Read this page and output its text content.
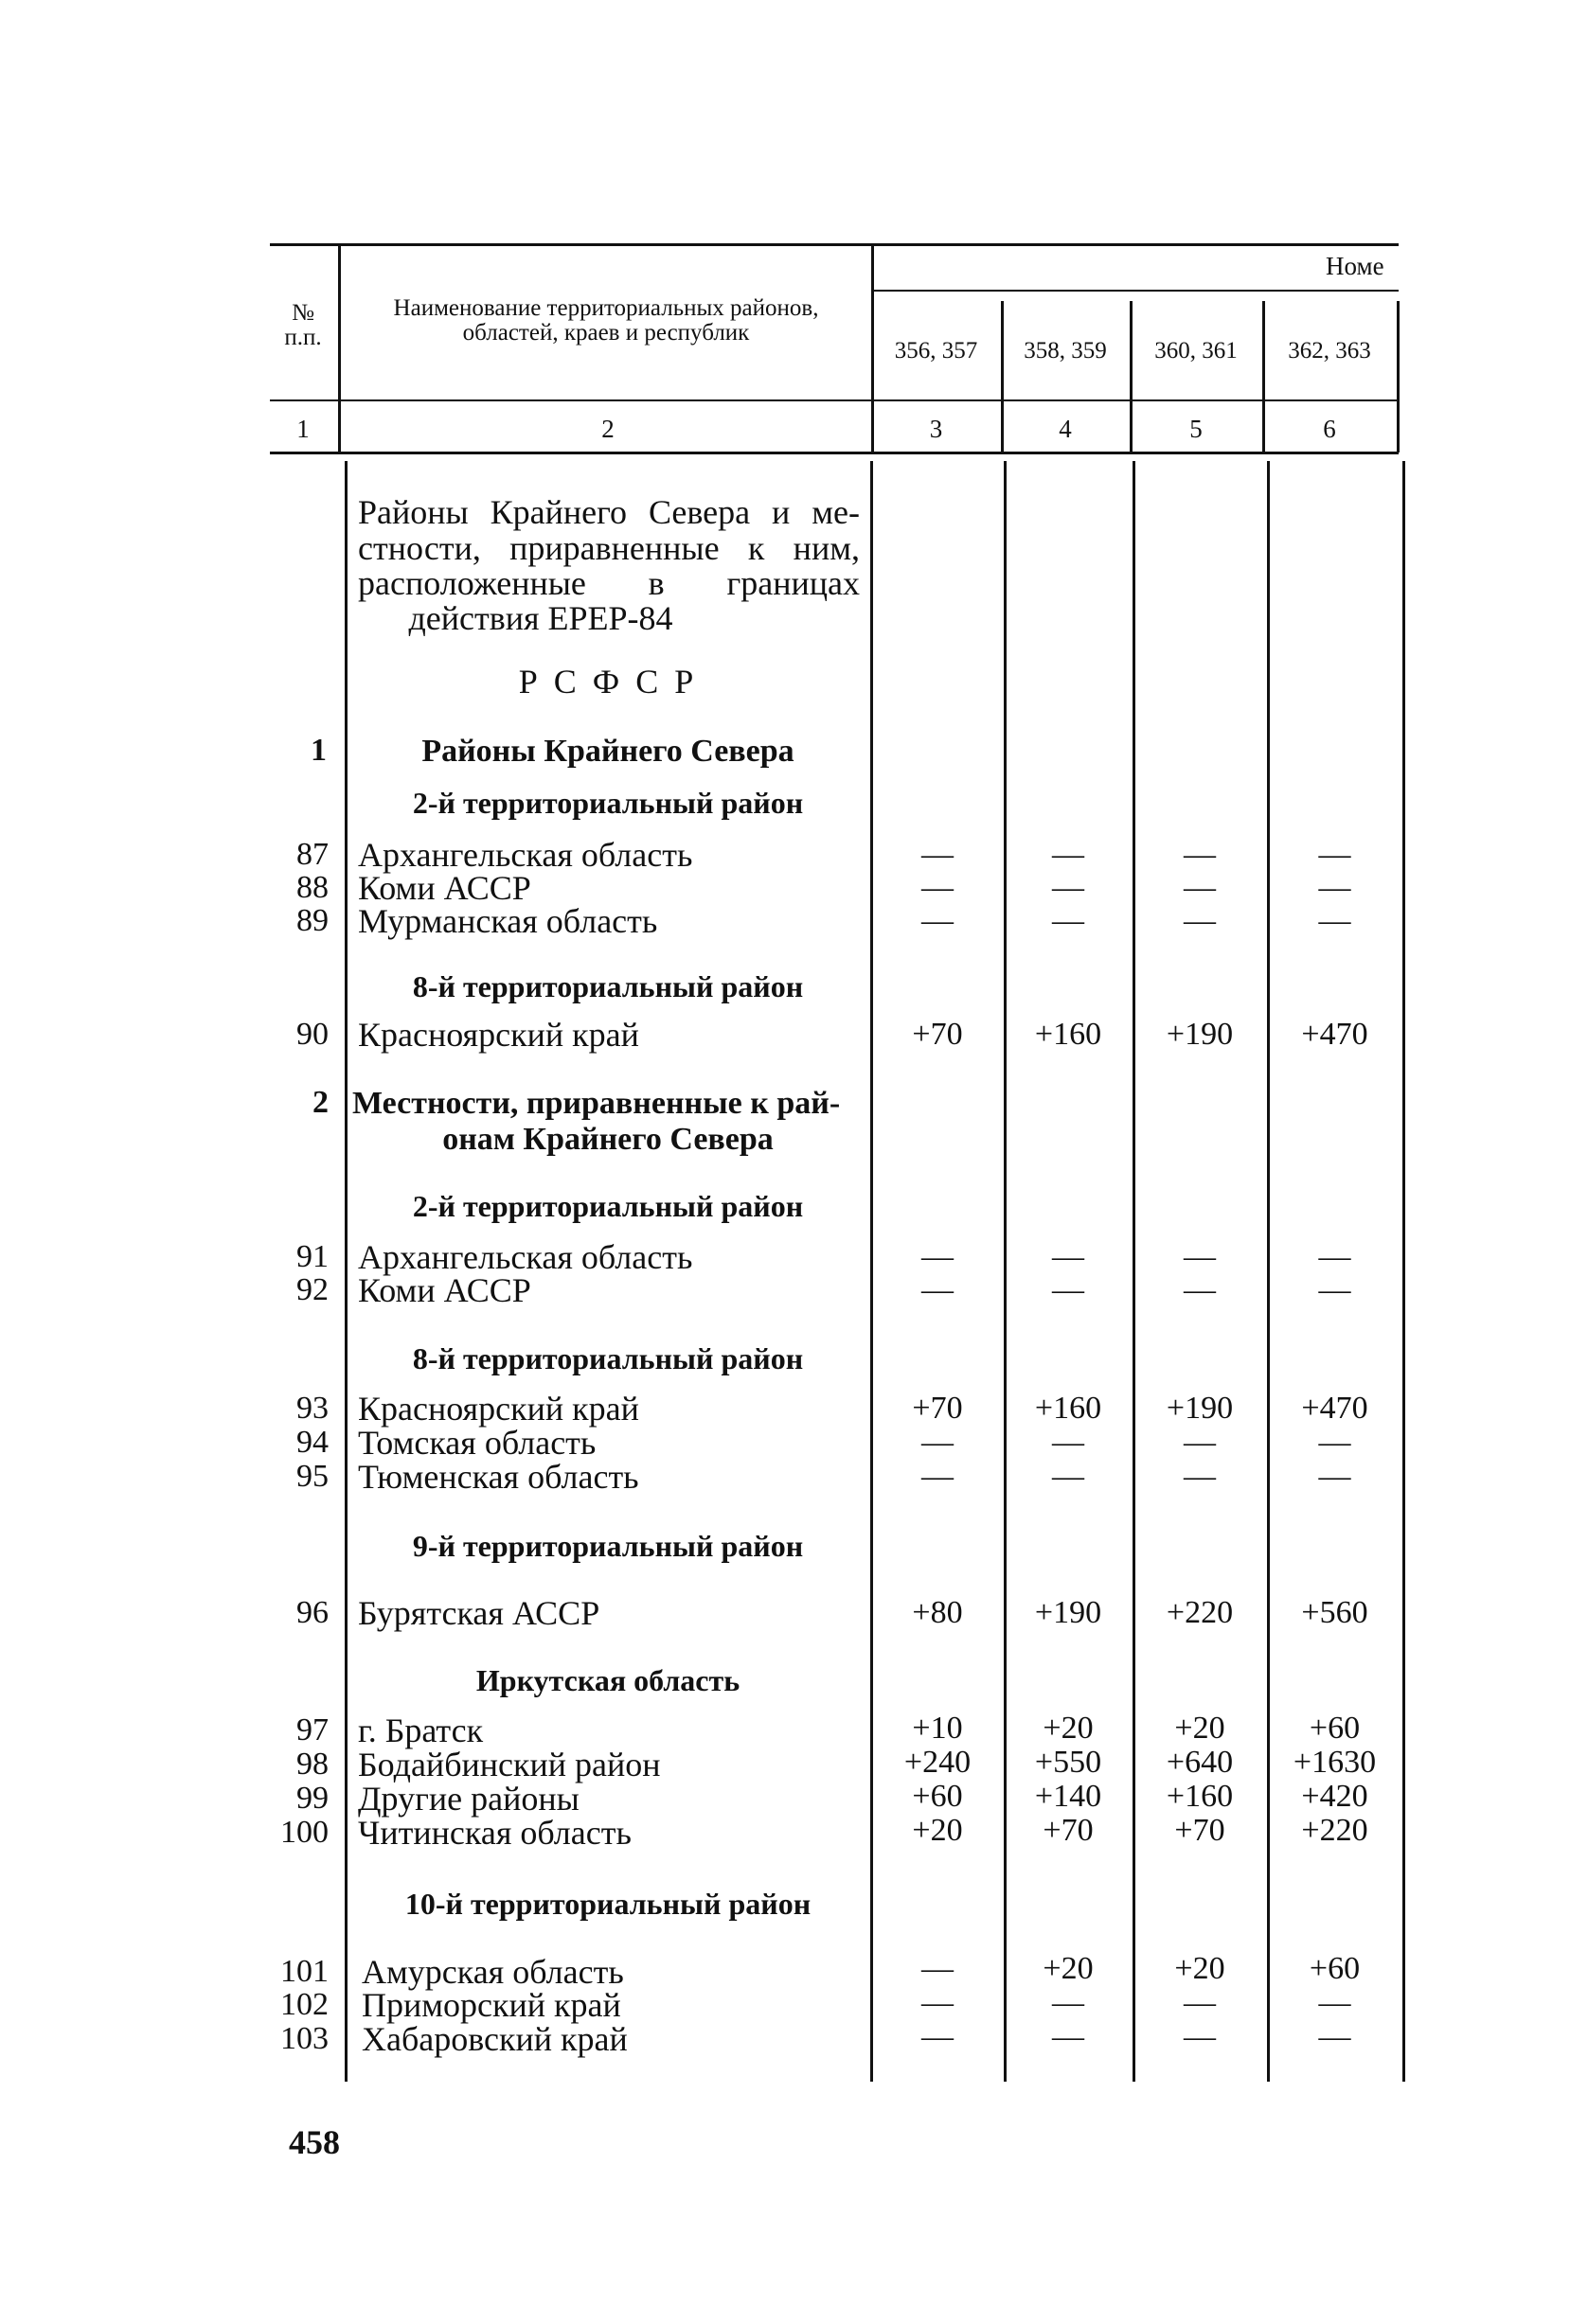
№ п.п.
Наименование территориальных районов, областей, краев и республик
Номе
356, 357	358, 359	360, 361	362, 363
1	2	3	4	5	6
Районы Крайнего Севера и ме-
стности, приравненные к ним,
расположенные в границах
действия ЕРЕР-84
Р С Ф С Р
1	Районы Крайнего Севера
2-й территориальный район
87 Архангельская область	—	—	—	—
88 Коми АССР	—	—	—	—
89 Мурманская область	—	—	—	—
8-й территориальный район
90 Красноярский край	+70	+160	+190	+470
2 Местности, приравненные к рай-
онам Крайнего Севера
2-й территориальный район
91 Архангельская область	—	—	—	—
92 Коми АССР	—	—	—	—
8-й территориальный район
93 Красноярский край	+70	+160	+190	+470
94 Томская область	—	—	—	—
95 Тюменская область	—	—	—	—
9-й территориальный район
96 Бурятская АССР	+80	+190	+220	+560
Иркутская область
97 г. Братск	+10	+20	+20	+60
98 Бодайбинский район	+240	+550	+640	+1630
99 Другие районы	+60	+140	+160	+420
100 Читинская область	+20	+70	+70	+220
10-й территориальный район
101 Амурская область	—	+20	+20	+60
102 Приморский край	—	—	—	—
103 Хабаровский край	—	—	—	—
458
